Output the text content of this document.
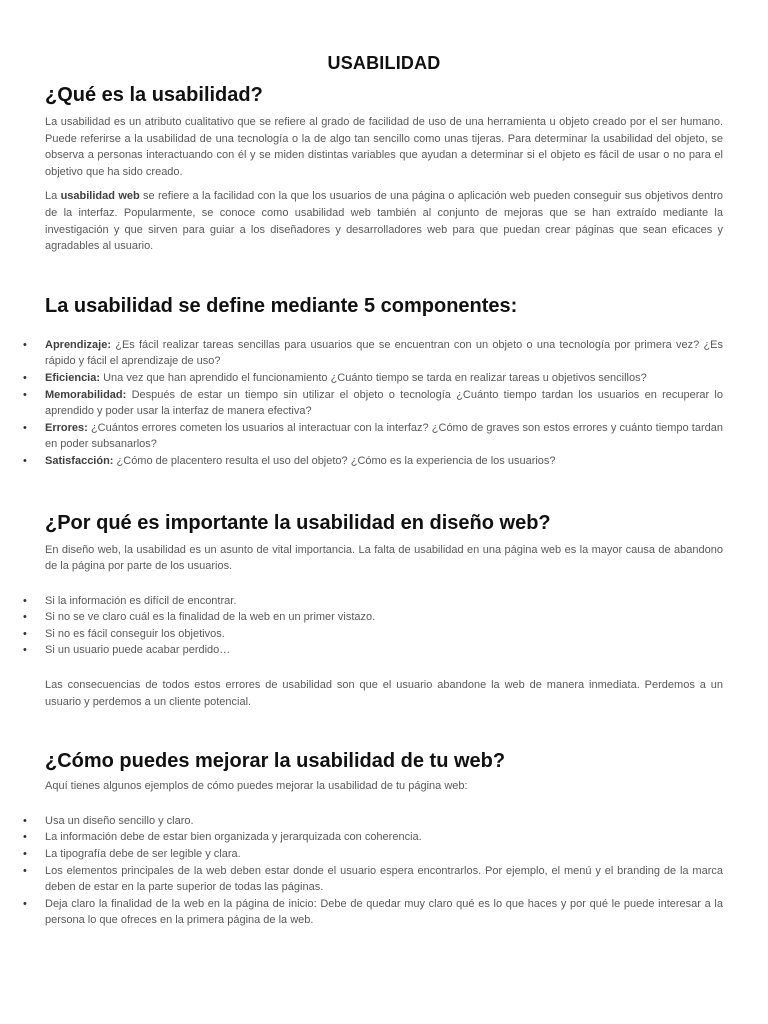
USABILIDAD
¿Qué es la usabilidad?

La usabilidad es un atributo cualitativo que se refiere al grado de facilidad de uso de una herramienta u objeto creado por el ser humano. Puede referirse a la usabilidad de una tecnología o la de algo tan sencillo como unas tijeras. Para determinar la usabilidad del objeto, se observa a personas interactuando con él y se miden distintas variables que ayudan a determinar si el objeto es fácil de usar o no para el objetivo que ha sido creado.

La usabilidad web se refiere a la facilidad con la que los usuarios de una página o aplicación web pueden conseguir sus objetivos dentro de la interfaz. Popularmente, se conoce como usabilidad web también al conjunto de mejoras que se han extraído mediante la investigación y que sirven para guiar a los diseñadores y desarrolladores web para que puedan crear páginas que sean eficaces y agradables al usuario.

La usabilidad se define mediante 5 componentes:
•	Aprendizaje: ¿Es fácil realizar tareas sencillas para usuarios que se encuentran con un objeto o una tecnología por primera vez? ¿Es rápido y fácil el aprendizaje de uso?
•	Eficiencia: Una vez que han aprendido el funcionamiento ¿Cuánto tiempo se tarda en realizar tareas u objetivos sencillos?
•	Memorabilidad: Después de estar un tiempo sin utilizar el objeto o tecnología ¿Cuánto tiempo tardan los usuarios en recuperar lo aprendido y poder usar la interfaz de manera efectiva?
•	Errores: ¿Cuántos errores cometen los usuarios al interactuar con la interfaz? ¿Cómo de graves son estos errores y cuánto tiempo tardan en poder subsanarlos?
•	Satisfacción: ¿Cómo de placentero resulta el uso del objeto? ¿Cómo es la experiencia de los usuarios?
¿Por qué es importante la usabilidad en diseño web?

En diseño web, la usabilidad es un asunto de vital importancia. La falta de usabilidad en una página web es la mayor causa de abandono de la página por parte de los usuarios.

•	Si la información es difícil de encontrar.
•	Si no se ve claro cuál es la finalidad de la web en un primer vistazo.
•	Si no es fácil conseguir los objetivos.
•	Si un usuario puede acabar perdido…

Las consecuencias de todos estos errores de usabilidad son que el usuario abandone la web de manera inmediata. Perdemos a un usuario y perdemos a un cliente potencial.

¿Cómo puedes mejorar la usabilidad de tu web?

Aquí tienes algunos ejemplos de cómo puedes mejorar la usabilidad de tu página web:

•	Usa un diseño sencillo y claro.
•	La información debe de estar bien organizada y jerarquizada con coherencia.
•	La tipografía debe de ser legible y clara.
•	Los elementos principales de la web deben estar donde el usuario espera encontrarlos. Por ejemplo, el menú y el branding de la marca deben de estar en la parte superior de todas las páginas.
•	Deja claro la finalidad de la web en la página de inicio: Debe de quedar muy claro qué es lo que haces y por qué le puede interesar a la persona lo que ofreces en la primera página de la web.
